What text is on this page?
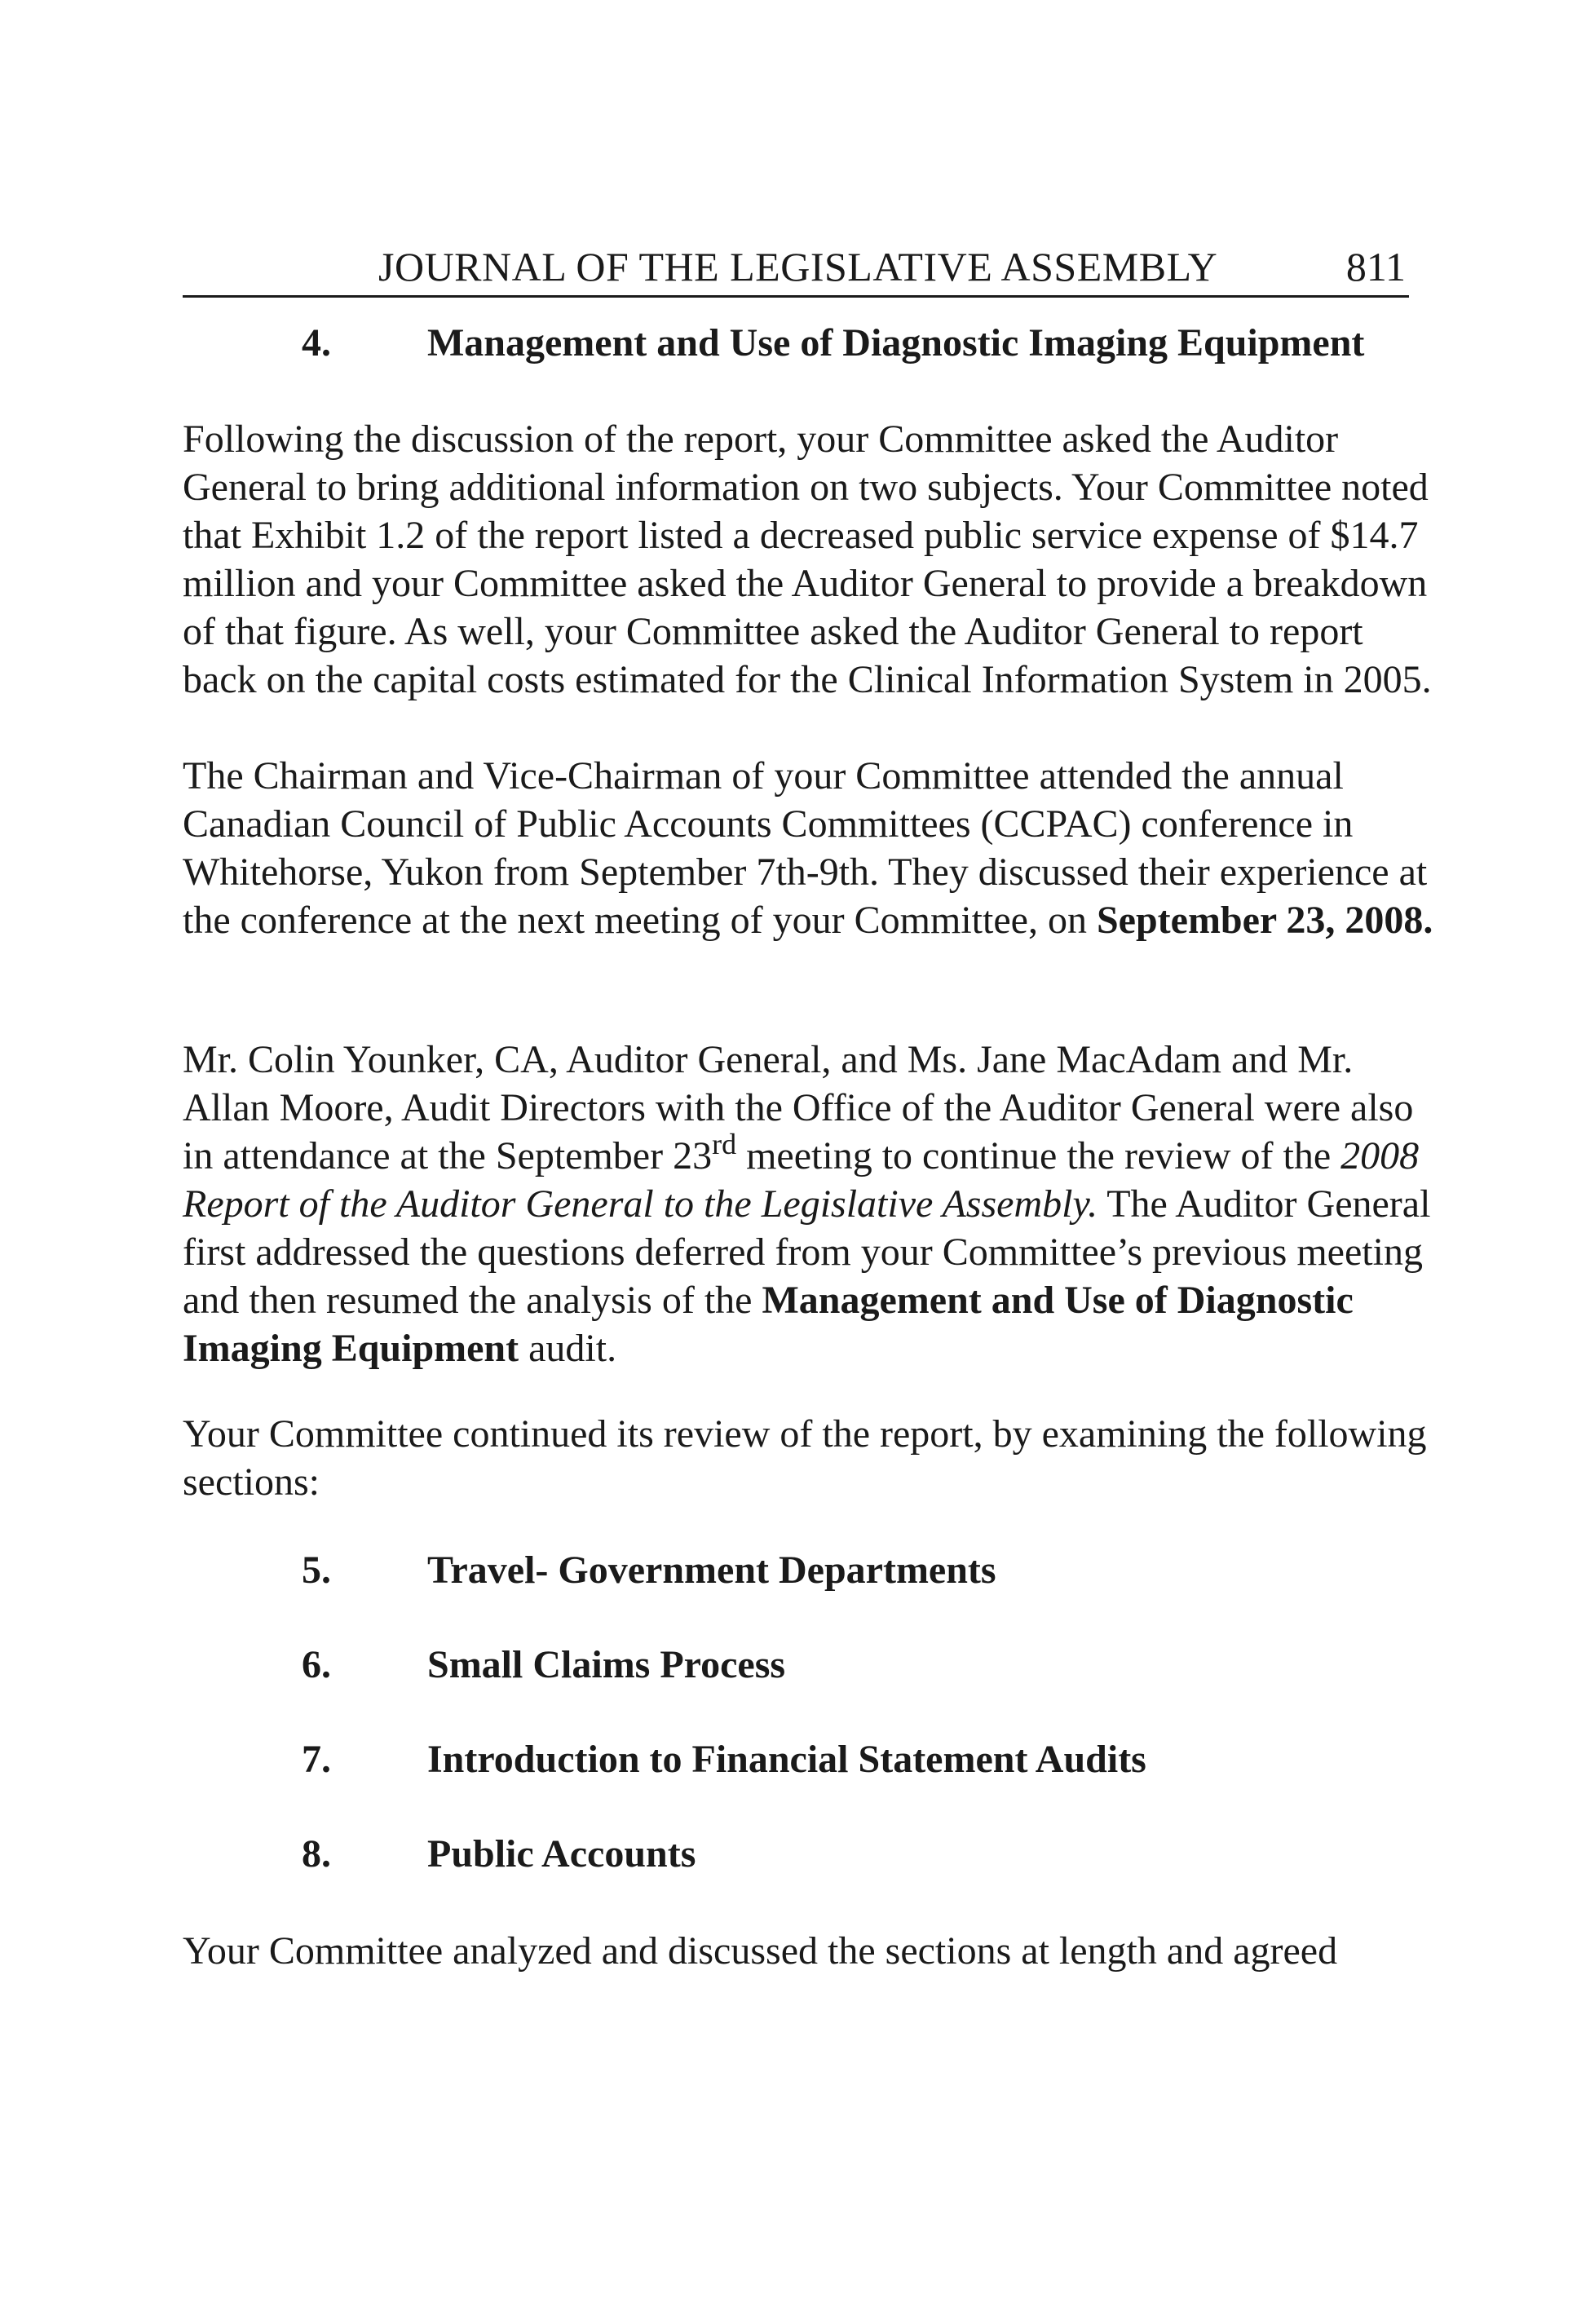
JOURNAL OF THE LEGISLATIVE ASSEMBLY	811
4. Management and Use of Diagnostic Imaging Equipment

Following the discussion of the report, your Committee asked the Auditor General to bring additional information on two subjects. Your Committee noted that Exhibit 1.2 of the report listed a decreased public service expense of $14.7 million and your Committee asked the Auditor General to provide a breakdown of that figure. As well, your Committee asked the Auditor General to report back on the capital costs estimated for the Clinical Information System in 2005.

The Chairman and Vice-Chairman of your Committee attended the annual Canadian Council of Public Accounts Committees (CCPAC) conference in Whitehorse, Yukon from September 7th-9th. They discussed their experience at the conference at the next meeting of your Committee, on September 23, 2008.

Mr. Colin Younker, CA, Auditor General, and Ms. Jane MacAdam and Mr. Allan Moore, Audit Directors with the Office of the Auditor General were also in attendance at the September 23rd meeting to continue the review of the 2008 Report of the Auditor General to the Legislative Assembly. The Auditor General first addressed the questions deferred from your Committee’s previous meeting and then resumed the analysis of the Management and Use of Diagnostic Imaging Equipment audit.

Your Committee continued its review of the report, by examining the following sections:

5. Travel- Government Departments
6. Small Claims Process
7. Introduction to Financial Statement Audits
8. Public Accounts

Your Committee analyzed and discussed the sections at length and agreed
